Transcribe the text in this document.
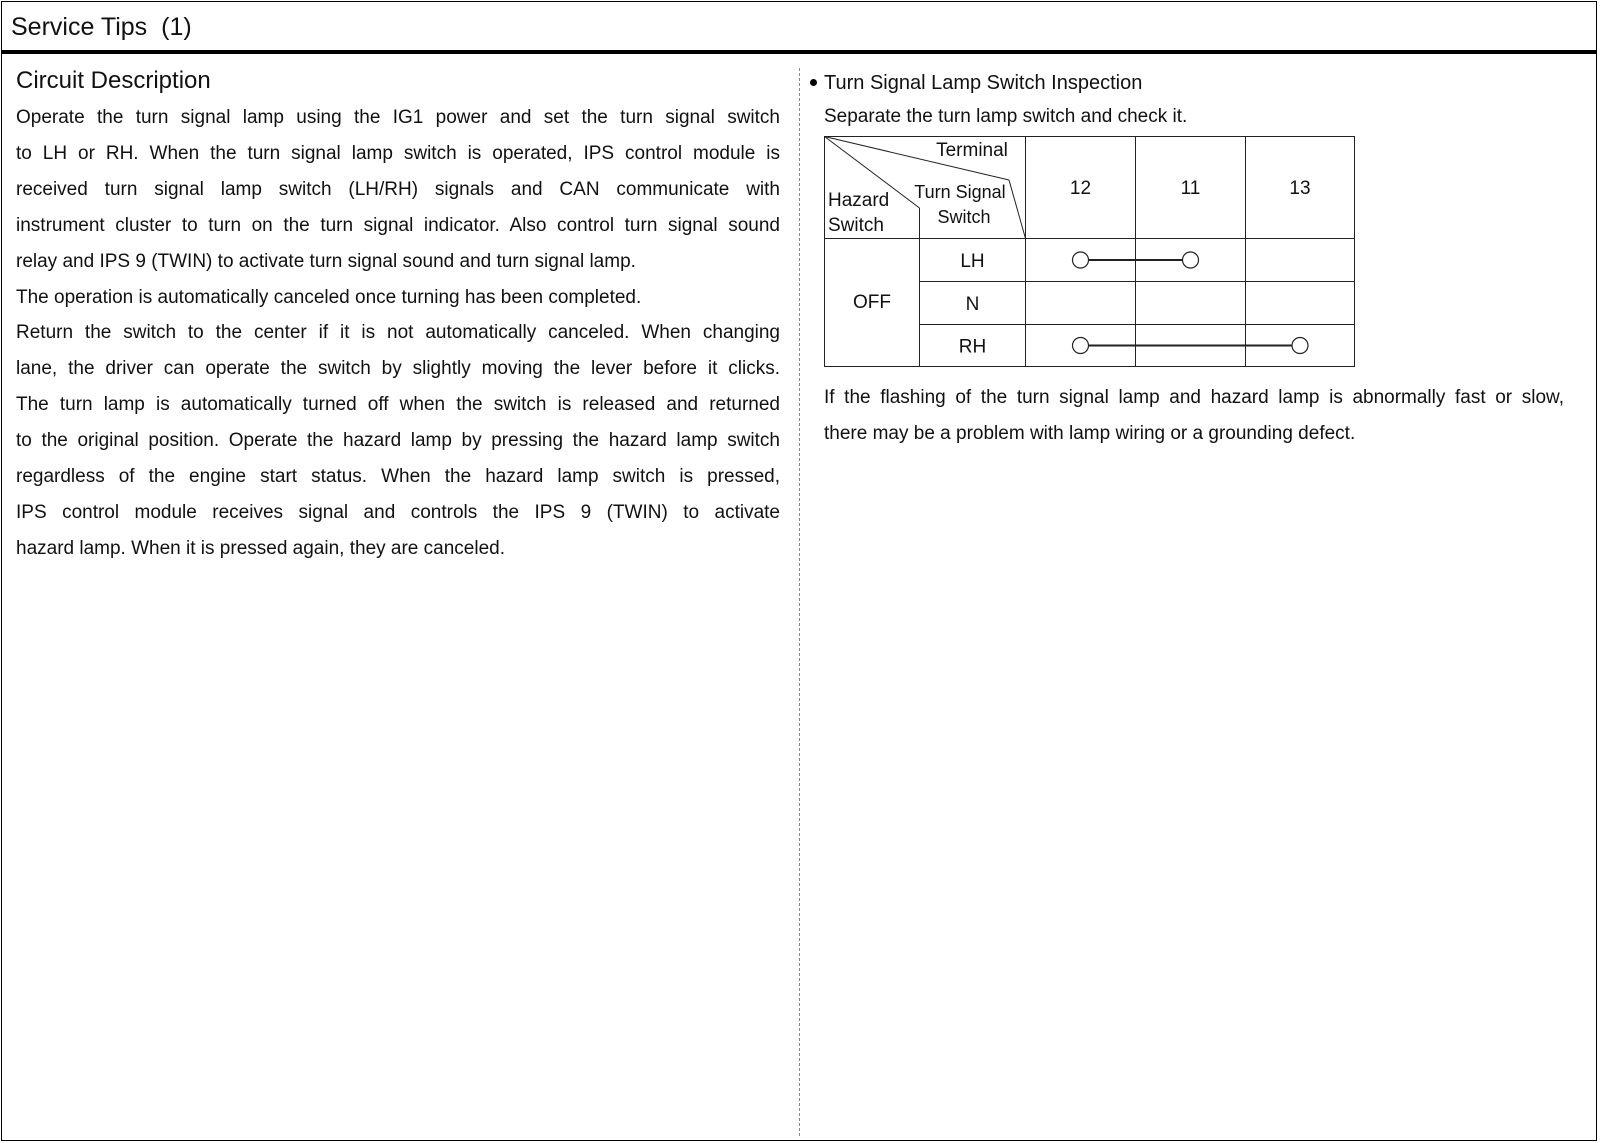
Service Tips (1)
Circuit Description
Operate the turn signal lamp using the IG1 power and set the turn signal switch
to LH or RH. When the turn signal lamp switch is operated, IPS control module is
received turn signal lamp switch (LH/RH) signals and CAN communicate with
instrument cluster to turn on the turn signal indicator. Also control turn signal sound
relay and IPS 9 (TWIN) to activate turn signal sound and turn signal lamp.
The operation is automatically canceled once turning has been completed.
Return the switch to the center if it is not automatically canceled. When changing
lane, the driver can operate the switch by slightly moving the lever before it clicks.
The turn lamp is automatically turned off when the switch is released and returned
to the original position. Operate the hazard lamp by pressing the hazard lamp switch
regardless of the engine start status. When the hazard lamp switch is pressed,
IPS control module receives signal and controls the IPS 9 (TWIN) to activate
hazard lamp. When it is pressed again, they are canceled.
Turn Signal Lamp Switch Inspection
Separate the turn lamp switch and check it.
Terminal
Turn Signal
Switch
Hazard
Switch
12	11	13
OFF
LH
N
RH
If the flashing of the turn signal lamp and hazard lamp is abnormally fast or slow,
there may be a problem with lamp wiring or a grounding defect.
